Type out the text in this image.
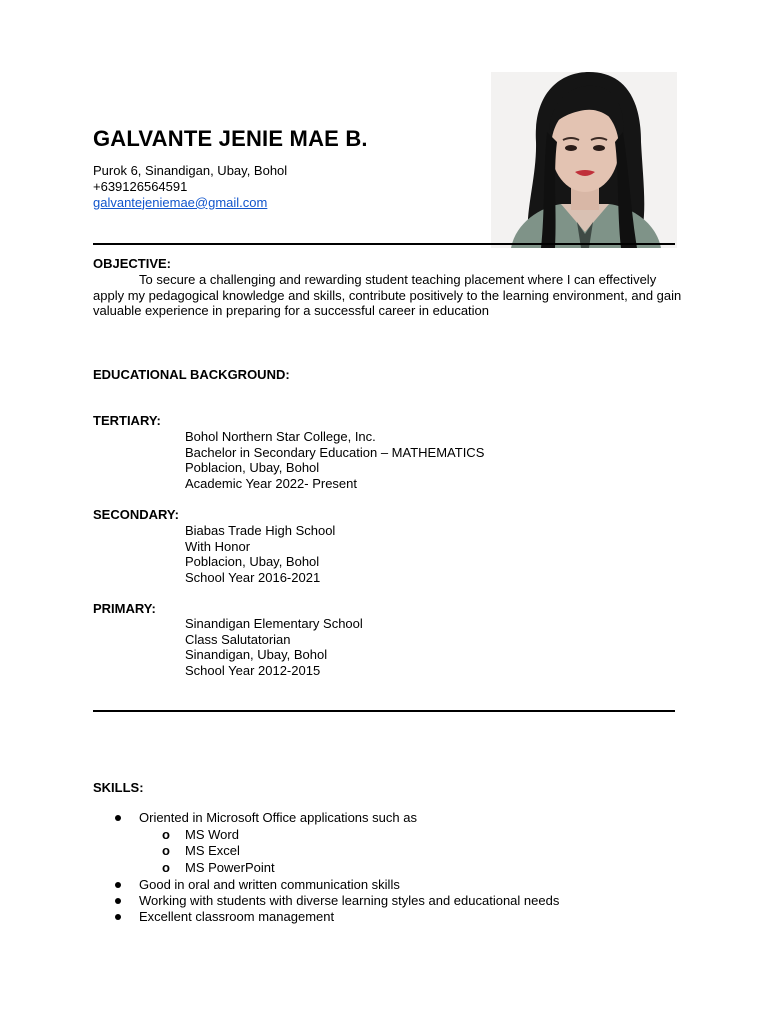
GALVANTE JENIE MAE B.
Purok 6, Sinandigan, Ubay, Bohol
+639126564591
galvantejeniemae@gmail.com
OBJECTIVE:
To secure a challenging and rewarding student teaching placement where I can effectively apply my pedagogical knowledge and skills, contribute positively to the learning environment, and gain valuable experience in preparing for a successful career in education
EDUCATIONAL BACKGROUND:
TERTIARY:
Bohol Northern Star College, Inc.
Bachelor in Secondary Education – MATHEMATICS
Poblacion, Ubay, Bohol
Academic Year 2022- Present
SECONDARY:
Biabas Trade High School
With Honor
Poblacion, Ubay, Bohol
School Year 2016-2021
PRIMARY:
Sinandigan Elementary School
Class Salutatorian
Sinandigan, Ubay, Bohol
School Year 2012-2015
SKILLS:
Oriented in Microsoft Office applications such as
o MS Word
o MS Excel
o MS PowerPoint
Good in oral and written communication skills
Working with students with diverse learning styles and educational needs
Excellent classroom management
